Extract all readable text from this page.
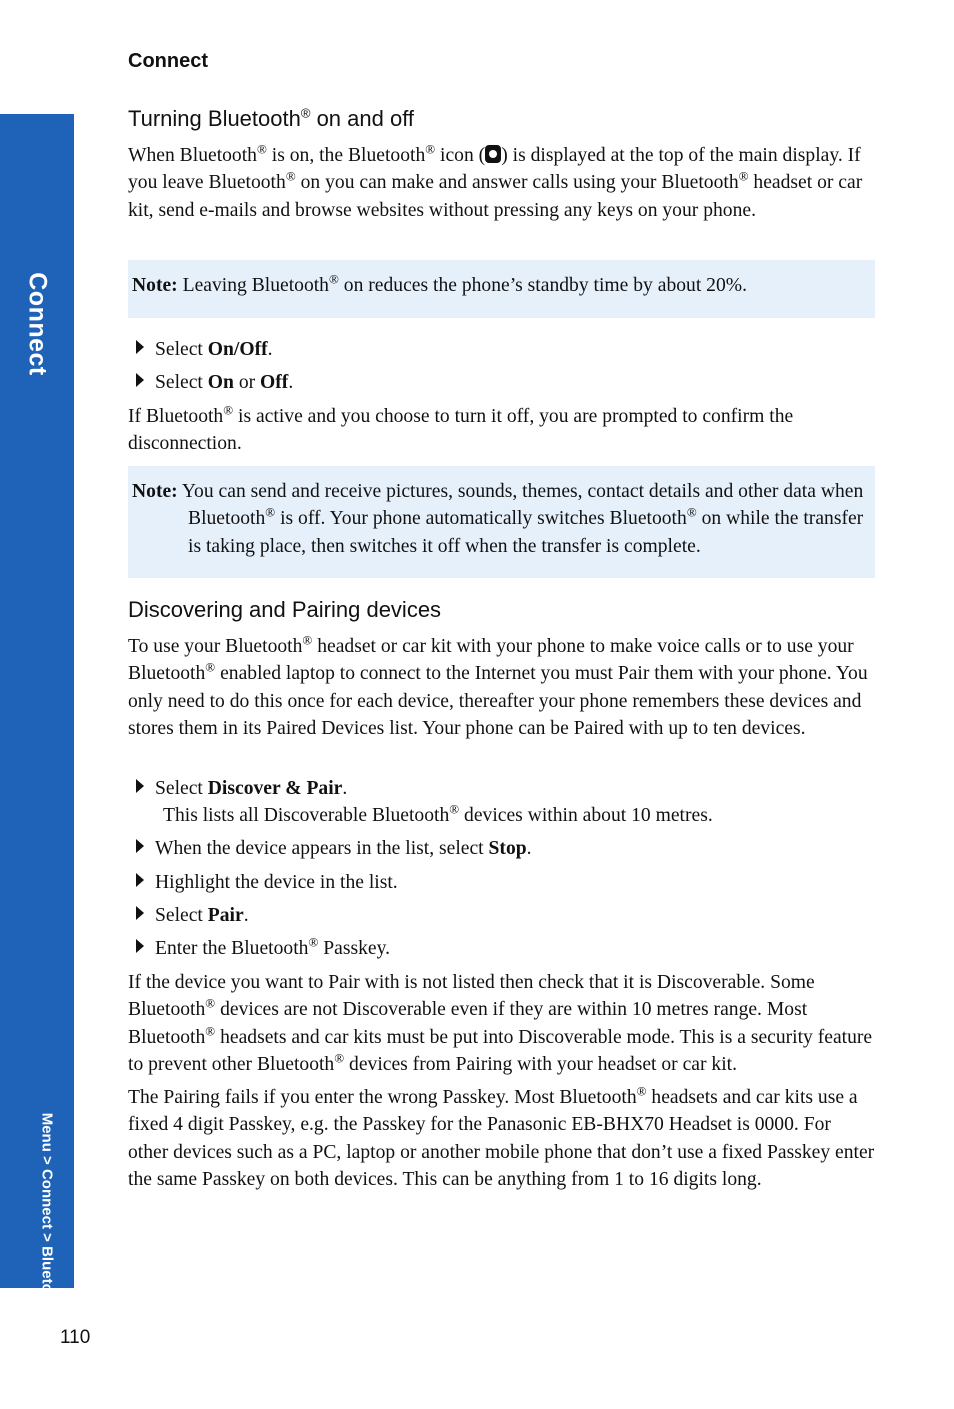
Connect
Menu > Connect > Bluetooth ®
Connect
Turning Bluetooth® on and off

When Bluetooth® is on, the Bluetooth® icon ( ) is displayed at the top of the main display. If you leave Bluetooth® on you can make and answer calls using your Bluetooth® headset or car kit, send e-mails and browse websites without pressing any keys on your phone.

Note: Leaving Bluetooth® on reduces the phone’s standby time by about 20%.

Select On/Off.
Select On or Off.

If Bluetooth® is active and you choose to turn it off, you are prompted to confirm the disconnection.

Note: You can send and receive pictures, sounds, themes, contact details and other data when Bluetooth® is off. Your phone automatically switches Bluetooth® on while the transfer is taking place, then switches it off when the transfer is complete.

Discovering and Pairing devices

To use your Bluetooth® headset or car kit with your phone to make voice calls or to use your Bluetooth® enabled laptop to connect to the Internet you must Pair them with your phone. You only need to do this once for each device, thereafter your phone remembers these devices and stores them in its Paired Devices list. Your phone can be Paired with up to ten devices.

Select Discover & Pair.
This lists all Discoverable Bluetooth® devices within about 10 metres.
When the device appears in the list, select Stop.
Highlight the device in the list.
Select Pair.
Enter the Bluetooth® Passkey.

If the device you want to Pair with is not listed then check that it is Discoverable. Some Bluetooth® devices are not Discoverable even if they are within 10 metres range. Most Bluetooth® headsets and car kits must be put into Discoverable mode. This is a security feature to prevent other Bluetooth® devices from Pairing with your headset or car kit.

The Pairing fails if you enter the wrong Passkey. Most Bluetooth® headsets and car kits use a fixed 4 digit Passkey, e.g. the Passkey for the Panasonic EB-BHX70 Headset is 0000. For other devices such as a PC, laptop or another mobile phone that don’t use a fixed Passkey enter the same Passkey on both devices. This can be anything from 1 to 16 digits long.

110
